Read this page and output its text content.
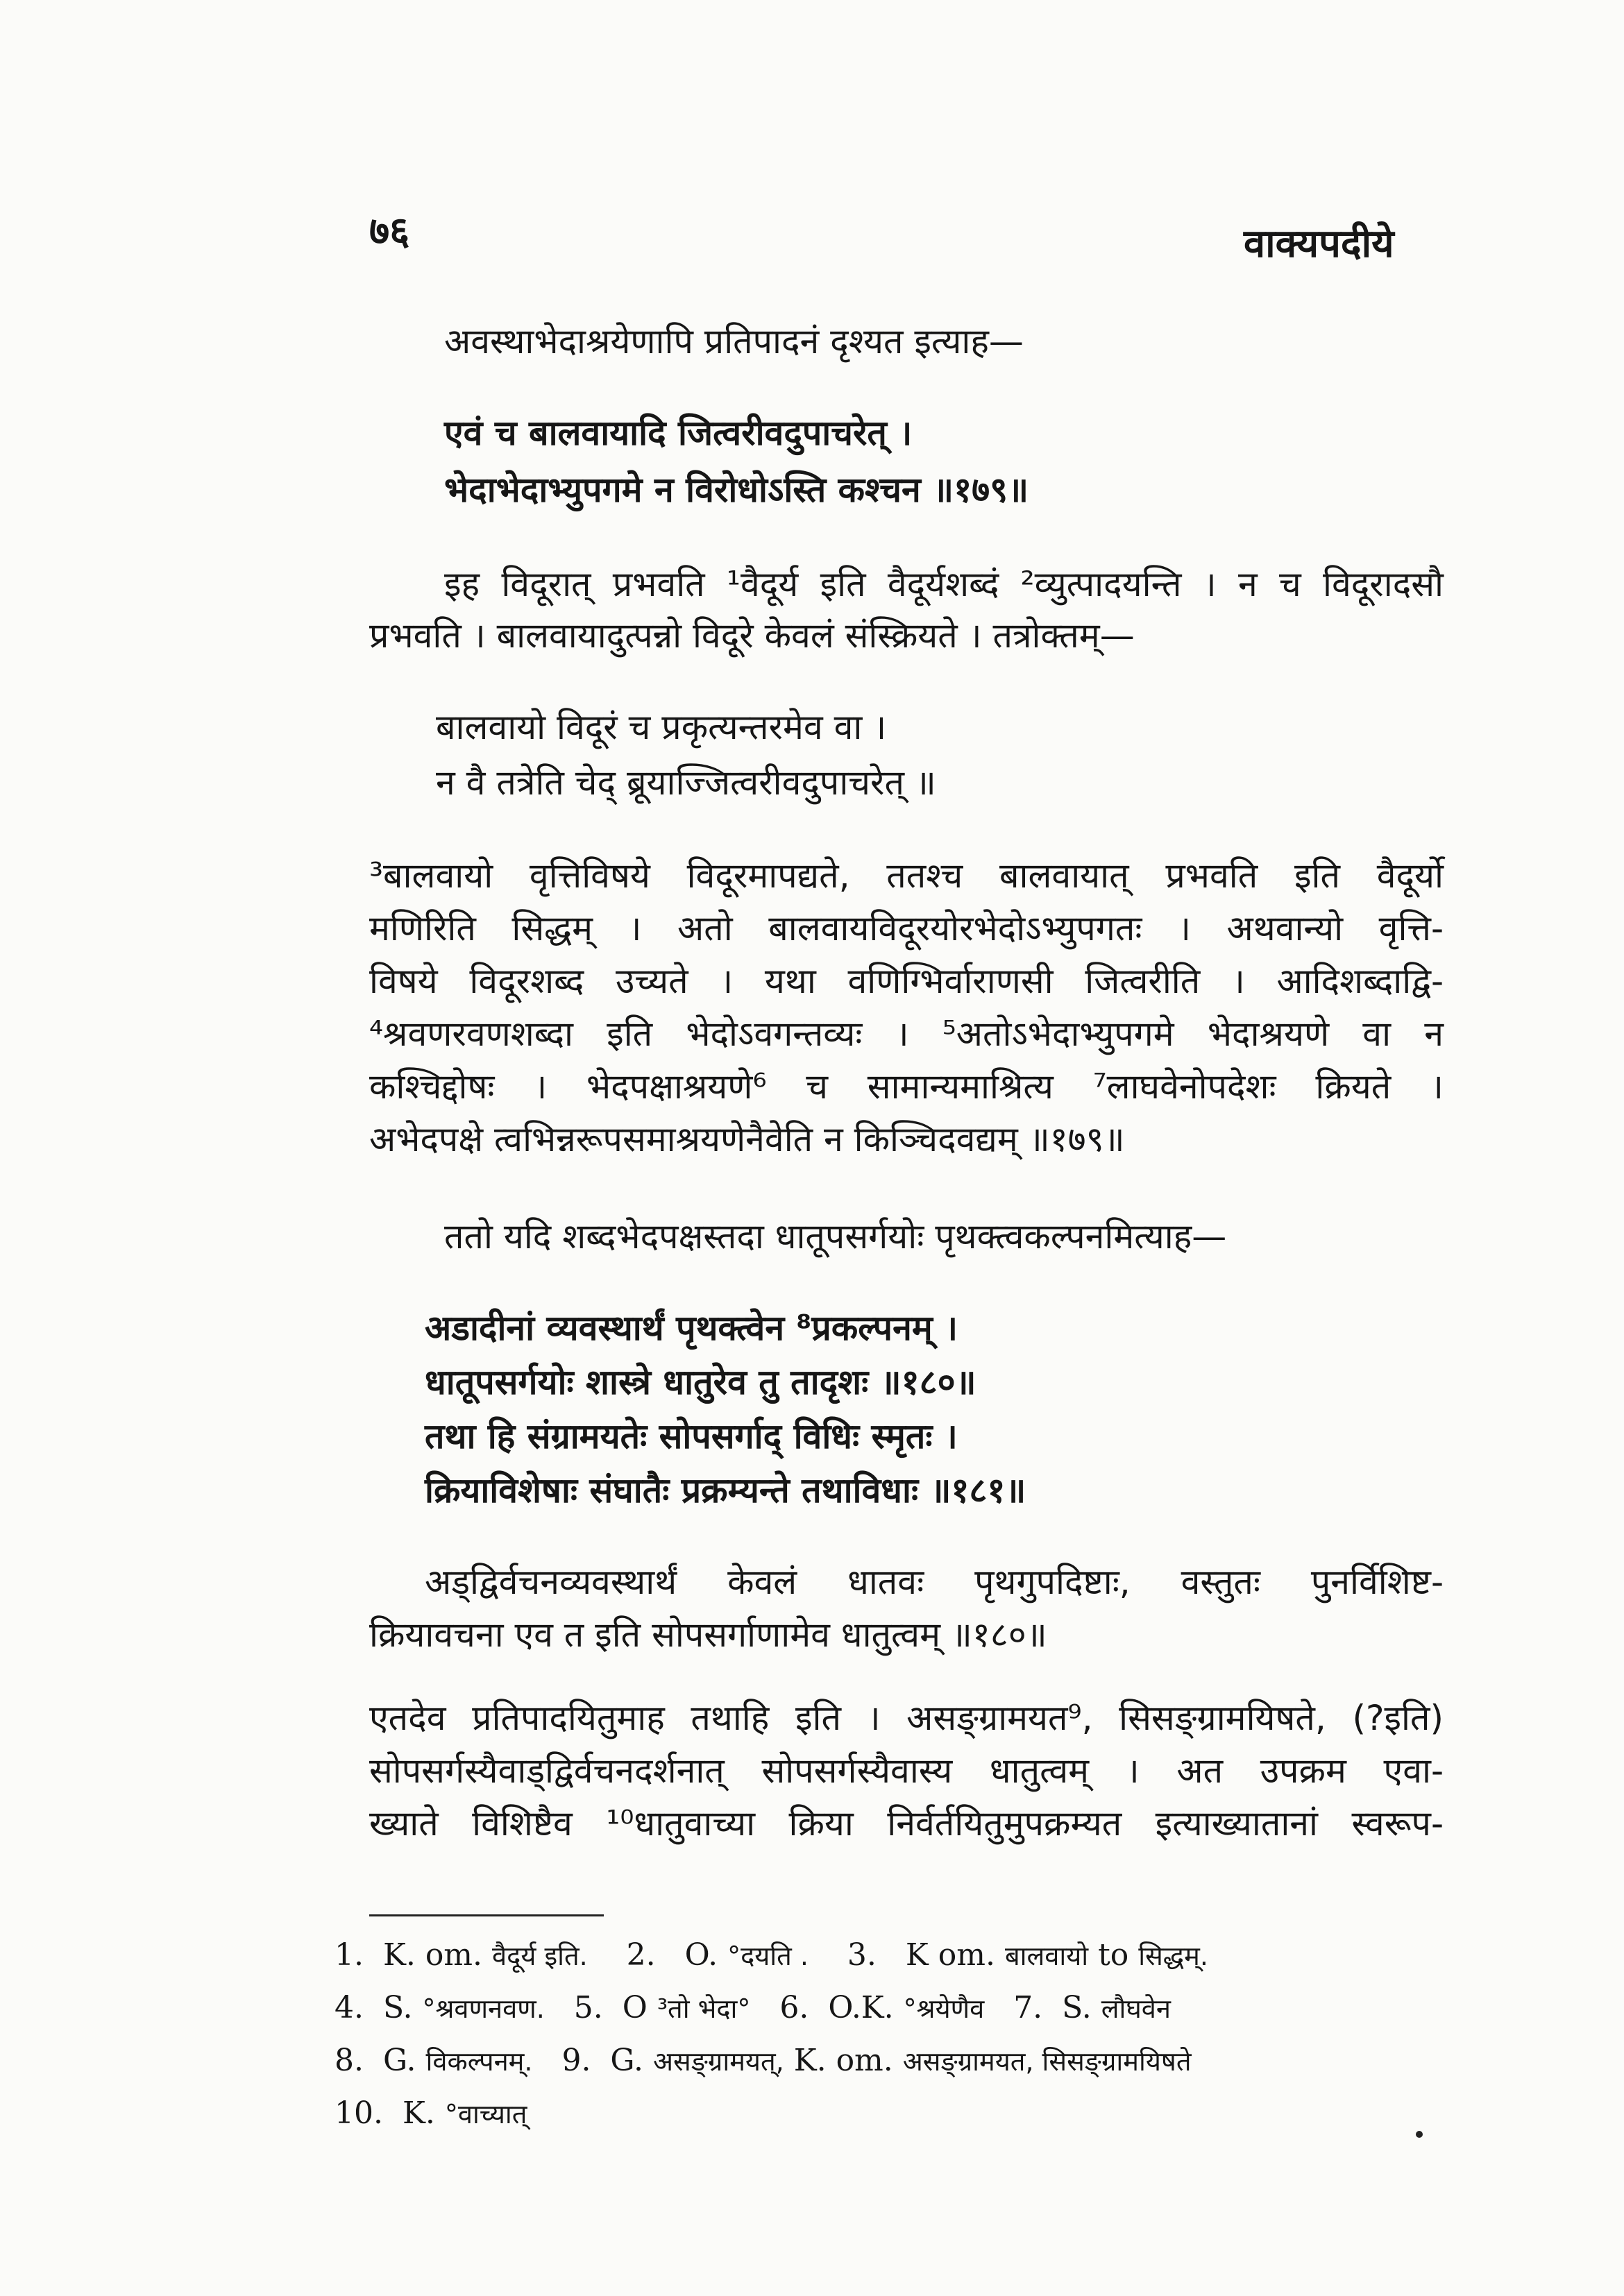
७६	वाक्यपदीये
अवस्थाभेदाश्रयेणापि प्रतिपादनं दृश्यत इत्याह—
एवं च बालवायादि जित्वरीवदुपाचरेत् ।
भेदाभेदाभ्युपगमे न विरोधोऽस्ति कश्चन ॥१७९॥
इह विदूरात् प्रभवति ¹वैदूर्य इति वैदूर्यशब्दं ²व्युत्पादयन्ति । न च विदूरादसौ
प्रभवति । बालवायादुत्पन्नो विदूरे केवलं संस्क्रियते । तत्रोक्तम्—
बालवायो विदूरं च प्रकृत्यन्तरमेव वा ।
न वै तत्रेति चेद् ब्रूयाज्जित्वरीवदुपाचरेत् ॥
³बालवायो वृत्तिविषये विदूरमापद्यते, ततश्च बालवायात् प्रभवति इति वैदूर्यो
मणिरिति सिद्धम् । अतो बालवायविदूरयोरभेदोऽभ्युपगतः । अथवान्यो वृत्ति-
विषये विदूरशब्द उच्यते । यथा वणिग्भिर्वाराणसी जित्वरीति । आदिशब्दाद्वि-
⁴श्रवणरवणशब्दा इति भेदोऽवगन्तव्यः । ⁵अतोऽभेदाभ्युपगमे भेदाश्रयणे वा न
कश्चिद्दोषः । भेदपक्षाश्रयणे⁶ च सामान्यमाश्रित्य ⁷लाघवेनोपदेशः क्रियते ।
अभेदपक्षे त्वभिन्नरूपसमाश्रयणेनैवेति न किञ्चिदवद्यम् ॥१७९॥
ततो यदि शब्दभेदपक्षस्तदा धातूपसर्गयोः पृथक्त्वकल्पनमित्याह—
अडादीनां व्यवस्थार्थं पृथक्त्वेन ⁸प्रकल्पनम् ।
धातूपसर्गयोः शास्त्रे धातुरेव तु तादृशः ॥१८०॥
तथा हि संग्रामयतेः सोपसर्गाद् विधिः स्मृतः ।
क्रियाविशेषाः संघातैः प्रक्रम्यन्ते तथाविधाः ॥१८१॥
अड्द्विर्वचनव्यवस्थार्थं केवलं धातवः पृथगुपदिष्टाः, वस्तुतः पुनर्विशिष्ट-
क्रियावचना एव त इति सोपसर्गाणामेव धातुत्वम् ॥१८०॥
एतदेव प्रतिपादयितुमाह तथाहि इति । असङ्ग्रामयत⁹, सिसङ्ग्रामयिषते, (?इति)
सोपसर्गस्यैवाड्द्विर्वचनदर्शनात् सोपसर्गस्यैवास्य धातुत्वम् । अत उपक्रम एवा-
ख्याते विशिष्टैव ¹⁰धातुवाच्या क्रिया निर्वर्तयितुमुपक्रम्यत इत्याख्यातानां स्वरूप-
1. K. om. वैदूर्य इति. 2. O. °दयति . 3. K om. बालवायो to सिद्धम्.
4. S. °श्रवणनवण. 5. O ³तो भेदा° 6. O.K. °श्रयेणैव 7. S. लौघवेन
8. G. विकल्पनम्. 9. G. असङ्ग्रामयत्, K. om. असङ्ग्रामयत, सिसङ्ग्रामयिषते
10. K. °वाच्यात्
